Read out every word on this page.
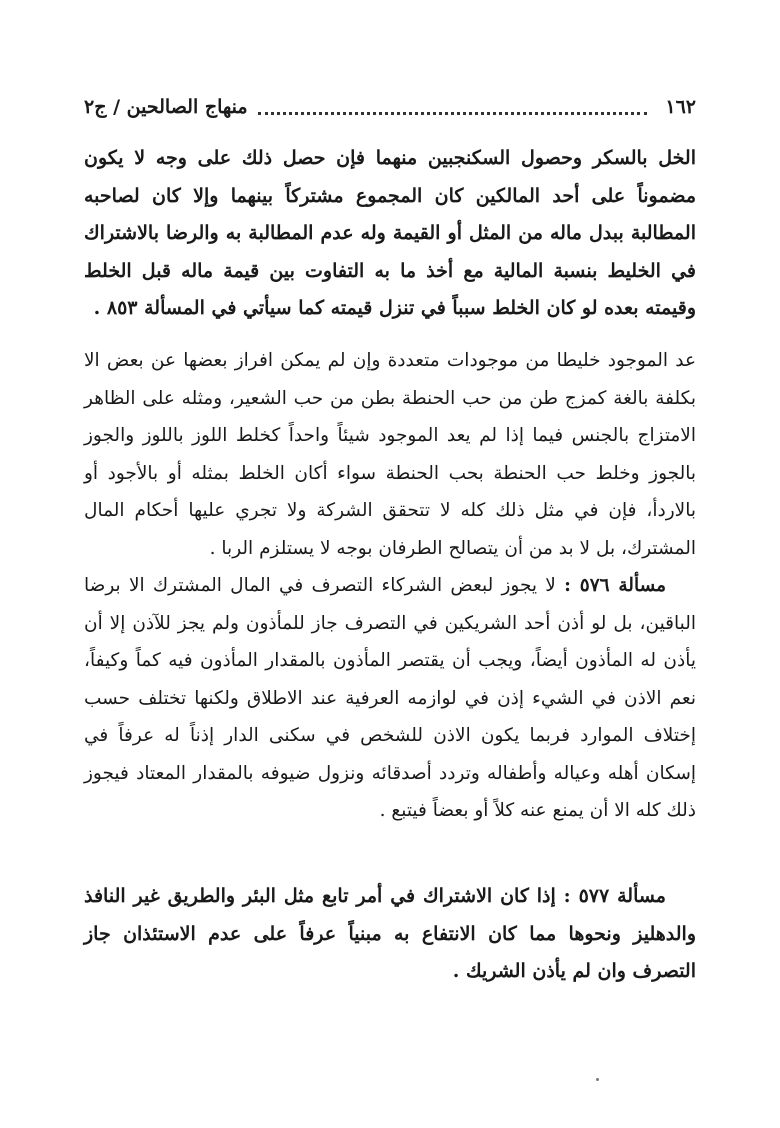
١٦٢
منهاج الصالحين / ج٢

الخل بالسكر وحصول السكنجبين منهما فإن حصل ذلك على وجه لا يكون مضموناً على أحد المالكين كان المجموع مشتركاً بينهما وإلا كان لصاحبه المطالبة ببدل ماله من المثل أو القيمة وله عدم المطالبة به والرضا بالاشتراك في الخليط بنسبة المالية مع أخذ ما به التفاوت بين قيمة ماله قبل الخلط وقيمته بعده لو كان الخلط سبباً في تنزل قيمته كما سيأتي في المسألة ٨٥٣ .

عد الموجود خليطا من موجودات متعددة وإن لم يمكن افراز بعضها عن بعض الا بكلفة بالغة كمزج طن من حب الحنطة بطن من حب الشعير، ومثله على الظاهر الامتزاج بالجنس فيما إذا لم يعد الموجود شيئاً واحداً كخلط اللوز باللوز والجوز بالجوز وخلط حب الحنطة بحب الحنطة سواء أكان الخلط بمثله أو بالأجود أو بالاردأ، فإن في مثل ذلك كله لا تتحقق الشركة ولا تجري عليها أحكام المال المشترك، بل لا بد من أن يتصالح الطرفان بوجه لا يستلزم الربا .

مسألة ٥٧٦ : لا يجوز لبعض الشركاء التصرف في المال المشترك الا برضا الباقين، بل لو أذن أحد الشريكين في التصرف جاز للمأذون ولم يجز للآذن إلا أن يأذن له المأذون أيضاً، ويجب أن يقتصر المأذون بالمقدار المأذون فيه كماً وكيفاً، نعم الاذن في الشيء إذن في لوازمه العرفية عند الاطلاق ولكنها تختلف حسب إختلاف الموارد فربما يكون الاذن للشخص في سكنى الدار إذناً له عرفاً في إسكان أهله وعياله وأطفاله وتردد أصدقائه ونزول ضيوفه بالمقدار المعتاد فيجوز ذلك كله الا أن يمنع عنه كلاً أو بعضاً فيتبع .

مسألة ٥٧٧ : إذا كان الاشتراك في أمر تابع مثل البئر والطريق غير النافذ والدهليز ونحوها مما كان الانتفاع به مبنياً عرفاً على عدم الاستئذان جاز التصرف وان لم يأذن الشريك .
